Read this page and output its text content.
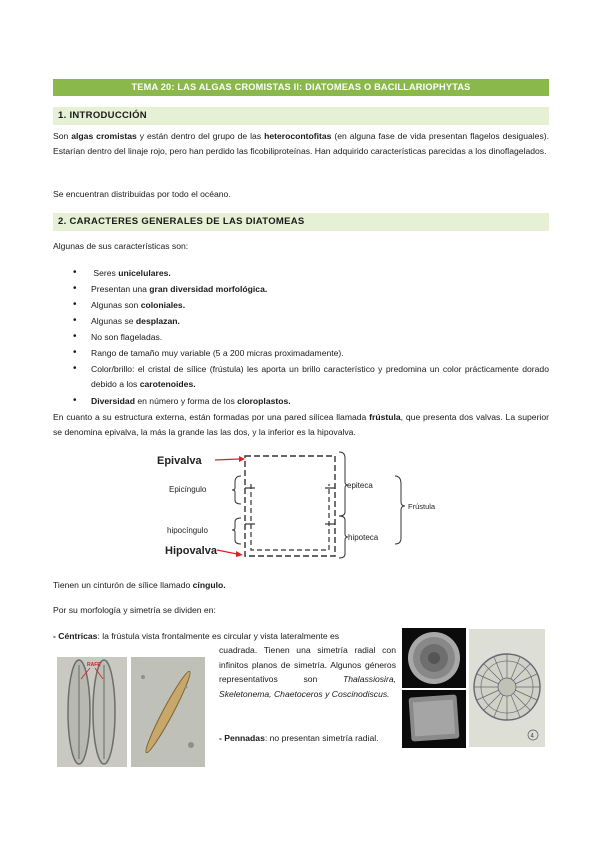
TEMA 20: LAS ALGAS CROMISTAS II: DIATOMEAS O BACILLARIOPHYTAS
1. INTRODUCCIÓN
Son algas cromistas y están dentro del grupo de las heterocontofitas (en alguna fase de vida presentan flagelos desiguales). Estarían dentro del linaje rojo, pero han perdido las ficobiliproteínas. Han adquirido características parecidas a los dinoflagelados.
Se encuentran distribuidas por todo el océano.
2. CARACTERES GENERALES DE LAS DIATOMEAS
Algunas de sus características son:
• Seres unicelulares.
• Presentan una gran diversidad morfológica.
• Algunas son coloniales.
• Algunas se desplazan.
• No son flageladas.
• Rango de tamaño muy variable (5 a 200 micras proximadamente).
• Color/brillo: el cristal de sílice (frústula) les aporta un brillo característico y predomina un color prácticamente dorado debido a los carotenoides.
• Diversidad en número y forma de los cloroplastos.
En cuanto a su estructura externa, están formadas por una pared silícea llamada frústula, que presenta dos valvas. La superior se denomina epivalva, la más la grande las las dos, y la inferior es la hipovalva.
Epivalva
Epicíngulo
hipocíngulo
Hipovalva
epiteca
hipoteca
Frústula
Tienen un cinturón de sílice llamado cíngulo.
Por su morfología y simetría se dividen en:
- Céntricas: la frústula vista frontalmente es circular y vista lateralmente es
cuadrada. Tienen una simetría radial con infinitos planos de simetría. Algunos géneros representativos son Thalassiosira, Skeletonema, Chaetoceros y Coscinodiscus.
- Pennadas: no presentan simetría radial.
RAFE
4
